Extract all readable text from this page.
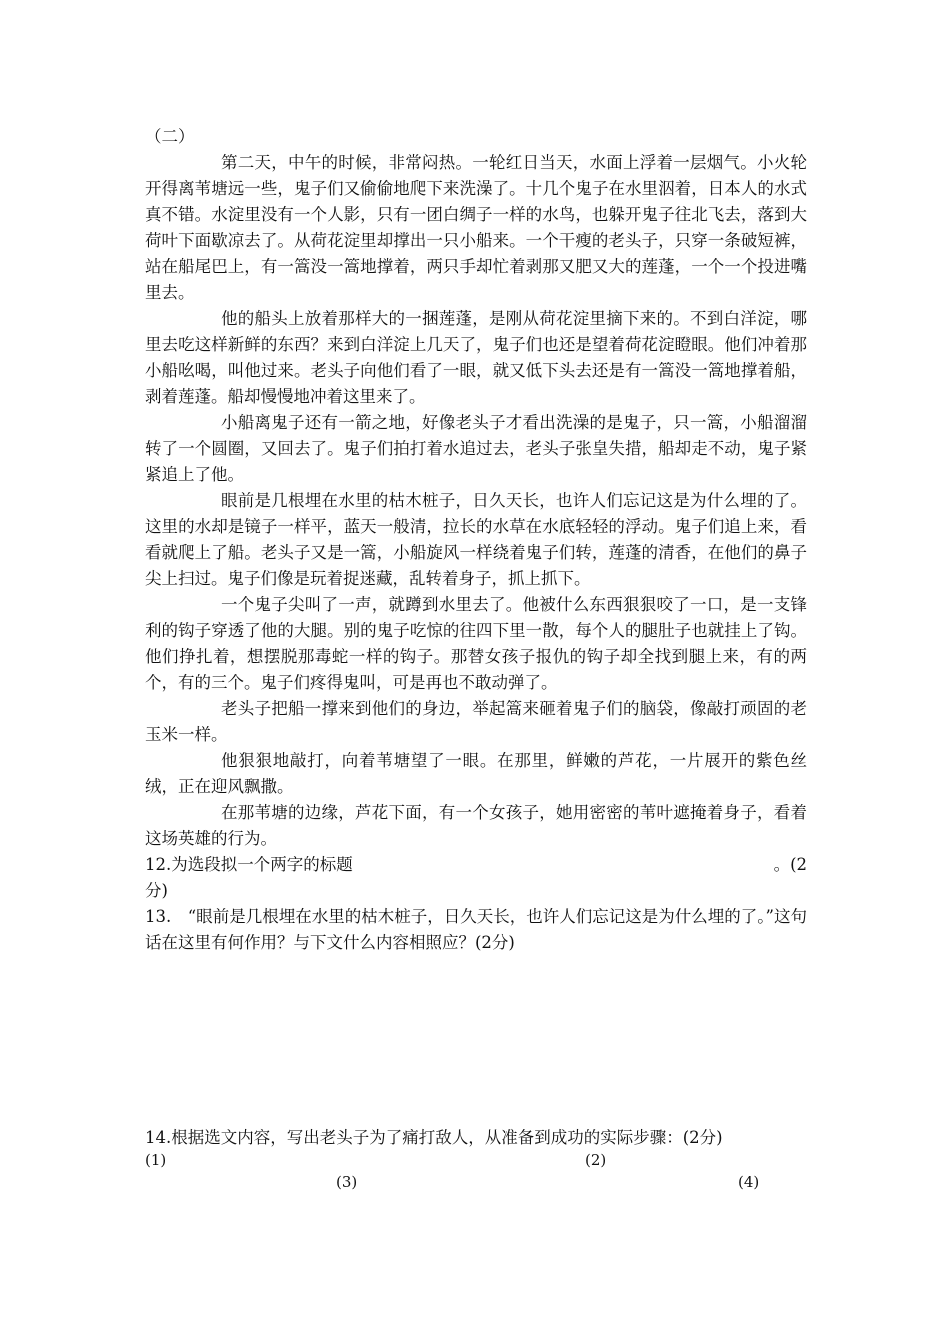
（二）

第二天，中午的时候，非常闷热。一轮红日当天，水面上浮着一层烟气。小火轮开得离苇塘远一些，鬼子们又偷偷地爬下来洗澡了。十几个鬼子在水里泅着，日本人的水式真不错。水淀里没有一个人影，只有一团白绸子一样的水鸟，也躲开鬼子往北飞去，落到大荷叶下面歇凉去了。从荷花淀里却撑出一只小船来。一个干瘦的老头子，只穿一条破短裤，站在船尾巴上，有一篙没一篙地撑着，两只手却忙着剥那又肥又大的莲蓬，一个一个投进嘴里去。

他的船头上放着那样大的一捆莲蓬，是刚从荷花淀里摘下来的。不到白洋淀，哪里去吃这样新鲜的东西？来到白洋淀上几天了，鬼子们也还是望着荷花淀瞪眼。他们冲着那小船吆喝，叫他过来。老头子向他们看了一眼，就又低下头去还是有一篙没一篙地撑着船，剥着莲蓬。船却慢慢地冲着这里来了。

小船离鬼子还有一箭之地，好像老头子才看出洗澡的是鬼子，只一篙，小船溜溜转了一个圆圈，又回去了。鬼子们拍打着水追过去，老头子张皇失措，船却走不动，鬼子紧紧追上了他。

眼前是几根埋在水里的枯木桩子，日久天长，也许人们忘记这是为什么埋的了。这里的水却是镜子一样平，蓝天一般清，拉长的水草在水底轻轻的浮动。鬼子们追上来，看看就爬上了船。老头子又是一篙，小船旋风一样绕着鬼子们转，莲蓬的清香，在他们的鼻子尖上扫过。鬼子们像是玩着捉迷藏，乱转着身子，抓上抓下。

一个鬼子尖叫了一声，就蹲到水里去了。他被什么东西狠狠咬了一口，是一支锋利的钩子穿透了他的大腿。别的鬼子吃惊的往四下里一散，每个人的腿肚子也就挂上了钩。他们挣扎着，想摆脱那毒蛇一样的钩子。那替女孩子报仇的钩子却全找到腿上来，有的两个，有的三个。鬼子们疼得鬼叫，可是再也不敢动弹了。

老头子把船一撑来到他们的身边，举起篙来砸着鬼子们的脑袋，像敲打顽固的老玉米一样。

他狠狠地敲打，向着苇塘望了一眼。在那里，鲜嫩的芦花，一片展开的紫色丝绒，正在迎风飘撒。

在那苇塘的边缘，芦花下面，有一个女孩子，她用密密的苇叶遮掩着身子，看着这场英雄的行为。

12.为选段拟一个两字的标题	。(2

分)

13.　“眼前是几根埋在水里的枯木桩子，日久天长，也许人们忘记这是为什么埋的了。”这句话在这里有何作用？与下文什么内容相照应？(2分)

14.根据选文内容，写出老头子为了痛打敌人，从准备到成功的实际步骤：(2分)

(1)	(2)
(3)	(4)
